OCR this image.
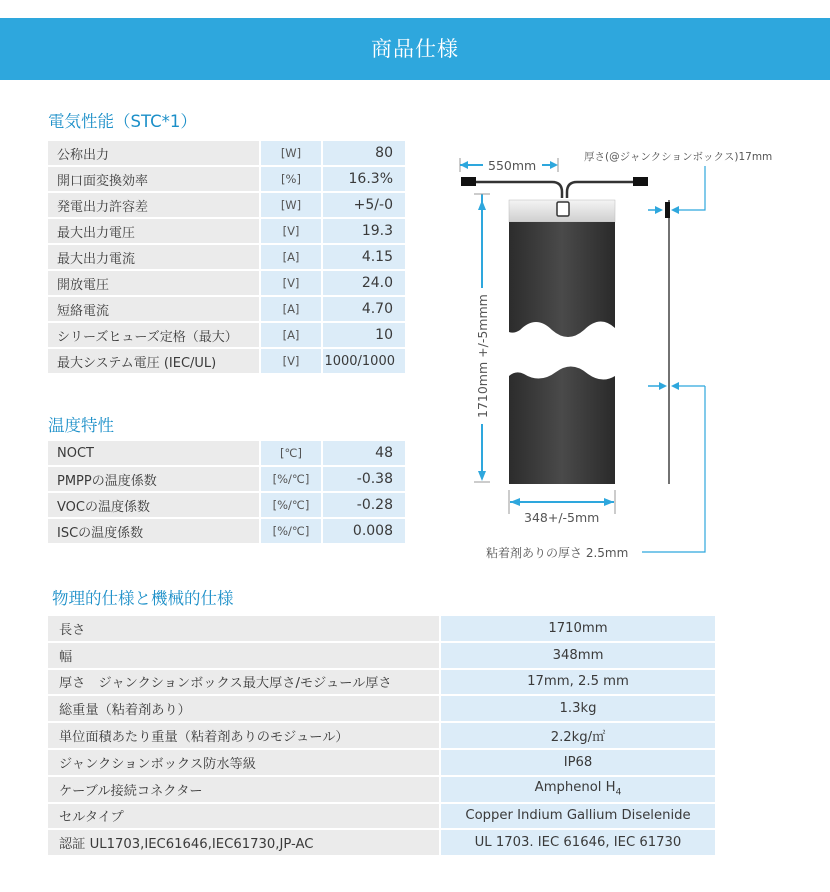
商品仕様
電気性能（STC*1）
公称出力	[W]	80
開口面変換効率	[%]	16.3%
発電出力許容差	[W]	+5/-0
最大出力電圧	[V]	19.3
最大出力電流	[A]	4.15
開放電圧	[V]	24.0
短絡電流	[A]	4.70
シリーズヒューズ定格（最大）	[A]	10
最大システム電圧 (IEC/UL)	[V]	1000/1000
温度特性
NOCT	[℃]	48
PMPPの温度係数	[%/℃]	-0.38
VOCの温度係数	[%/℃]	-0.28
ISCの温度係数	[%/℃]	0.008
550mm
1710mm +/-5mmm
348+/-5mm
厚さ(@ジャンクションボックス)17mm
粘着剤ありの厚さ 2.5mm
物理的仕様と機械的仕様
長さ	1710mm
幅	348mm
厚さ　ジャンクションボックス最大厚さ/モジュール厚さ	17mm, 2.5 mm
総重量（粘着剤あり）	1.3kg
単位面積あたり重量（粘着剤ありのモジュール）	2.2kg/㎡
ジャンクションボックス防水等級	IP68
ケーブル接続コネクター	Amphenol $H_4$
セルタイプ	Copper Indium Gallium Diselenide
認証 UL1703,IEC61646,IEC61730,JP-AC	UL 1703. IEC 61646, IEC 61730
